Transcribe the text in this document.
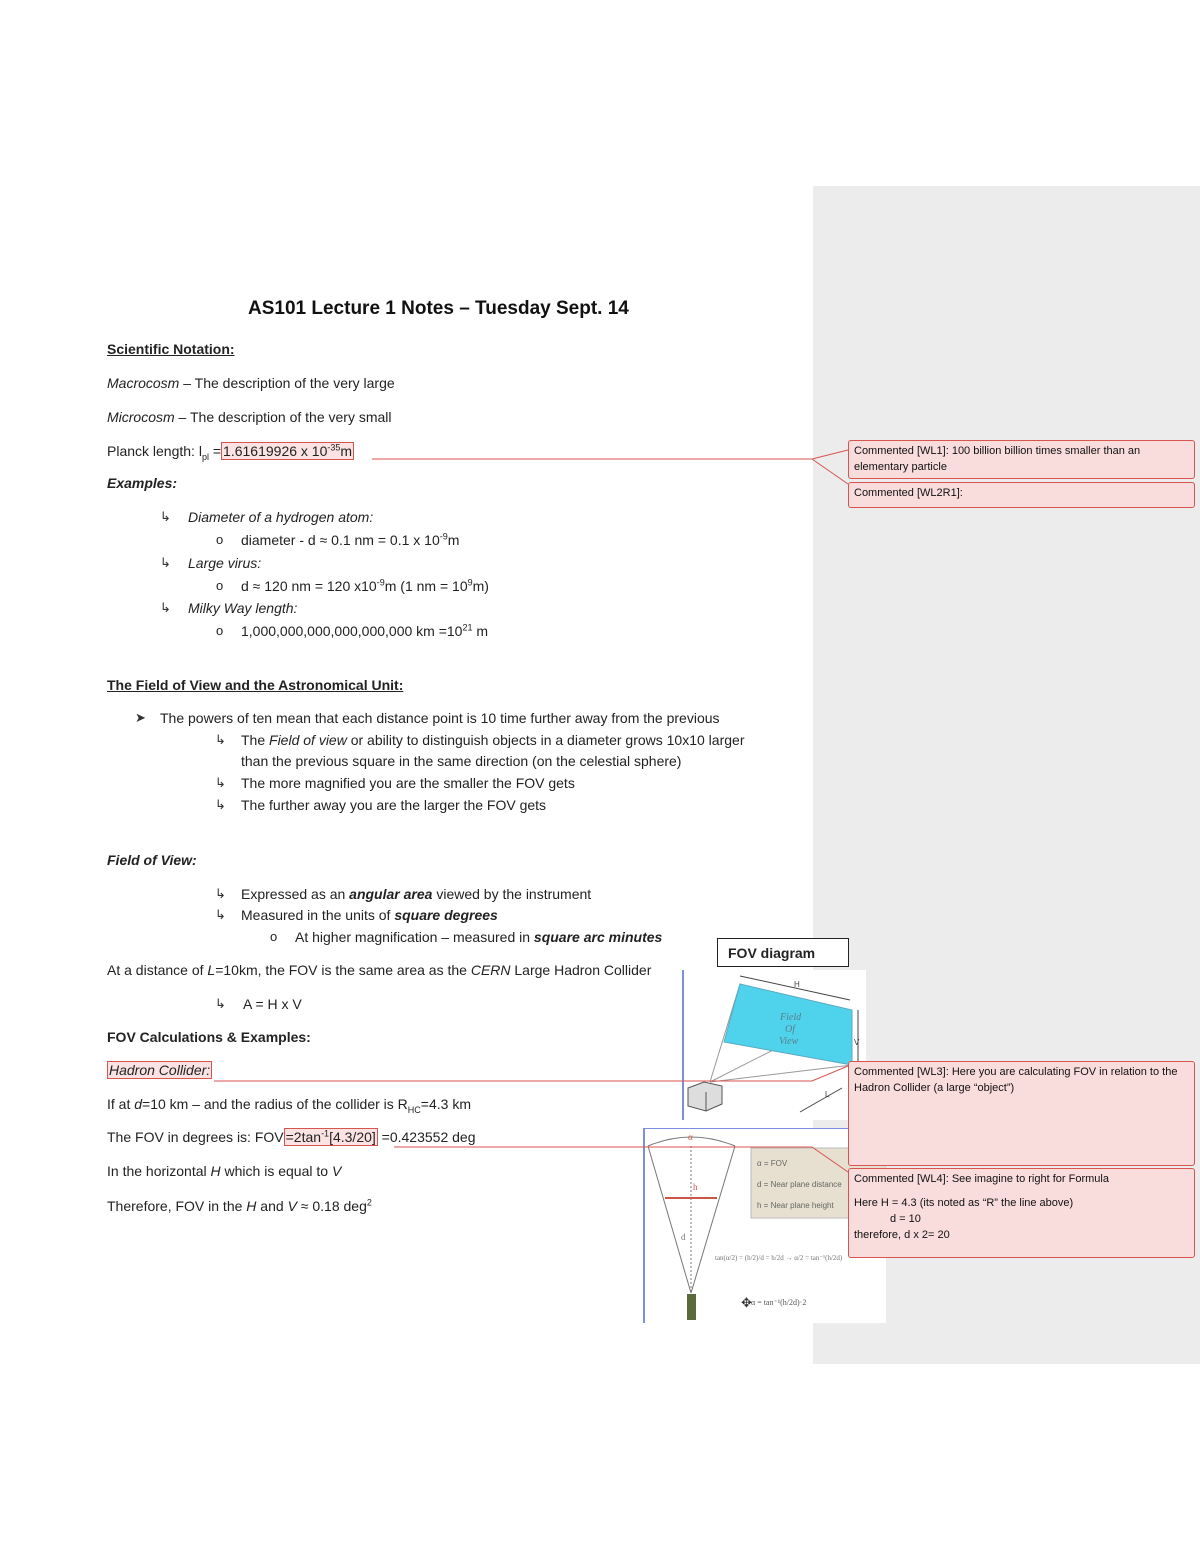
AS101 Lecture 1 Notes – Tuesday Sept. 14
Scientific Notation:
Macrocosm – The description of the very large
Microcosm – The description of the very small
Planck length: $l_{pl} = 1.61619926$ x $10^{-35}m$
Examples:
↳ Diameter of a hydrogen atom:
o diameter - d ≈ 0.1 nm = 0.1 x $10^{-9}m$
↳ Large virus:
o d ≈ 120 nm = 120 $x10^{-9}m$ (1 nm = $10^9m$)
↳ Milky Way length:
o 1,000,000,000,000,000,000 km $=10^{21}$ m
The Field of View and the Astronomical Unit:
➤ The powers of ten mean that each distance point is 10 time further away from the previous
↳ The Field of view or ability to distinguish objects in a diameter grows 10x10 larger
than the previous square in the same direction (on the celestial sphere)
↳ The more magnified you are the smaller the FOV gets
↳ The further away you are the larger the FOV gets
Field of View:
↳ Expressed as an angular area viewed by the instrument
↳ Measured in the units of square degrees
o At higher magnification – measured in square arc minutes
At a distance of L=10km, the FOV is the same area as the CERN Large Hadron Collider
↳ A = H x V
FOV Calculations & Examples:
Hadron Collider:
If at d=10 km – and the radius of the collider is $R_{HC}=4.3$ km
The FOV in degrees is: FOV $=2\tan^{-1}[4.3/20] =0.423552$ deg
In the horizontal H which is equal to V
Therefore, FOV in the H and V ≈ 0.18 deg$^2$
FOV diagram
Field
Of
View
H
V
L
α
h
d
α = FOV
d = Near plane distance
h = Near plane height
tan(α/2) = (h/2)/d = h/2d → α/2 = tan⁻¹(h/2d)
α = tan⁻¹(h/2d)·2
✥
Commented [WL1]: 100 billion billion times smaller than an elementary particle
Commented [WL2R1]:
Commented [WL3]: Here you are calculating FOV in relation to the Hadron Collider (a large “object”)
Commented [WL4]: See imagine to right for Formula
Here H = 4.3 (its noted as “R” the line above)
d = 10
therefore, d x 2= 20
